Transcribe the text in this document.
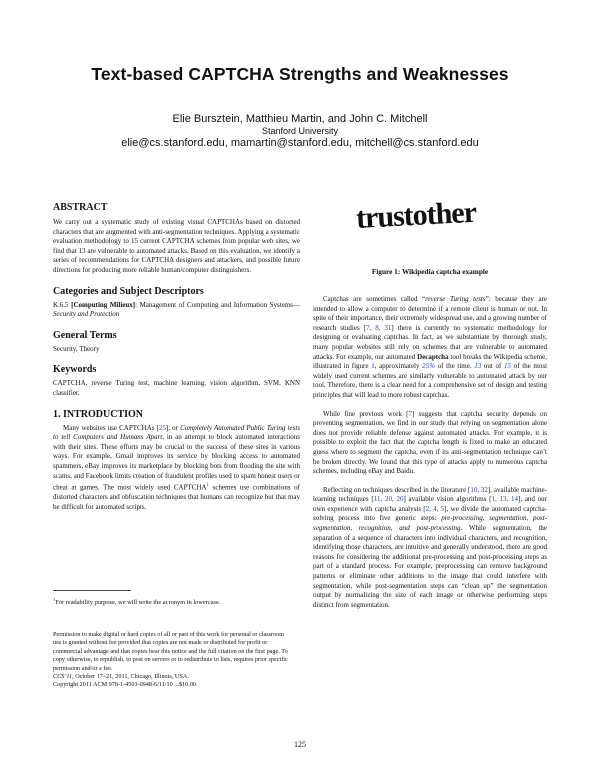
Text-based CAPTCHA Strengths and Weaknesses
Elie Bursztein, Matthieu Martin, and John C. Mitchell
Stanford University
elie@cs.stanford.edu, mamartin@stanford.edu, mitchell@cs.stanford.edu
ABSTRACT

We carry out a systematic study of existing visual CAPTCHAs based on distorted characters that are augmented with anti-segmentation techniques. Applying a systematic evaluation methodology to 15 current CAPTCHA schemes from popular web sites, we find that 13 are vulnerable to automated attacks. Based on this evaluation, we identify a series of recommendations for CAPTCHA designers and attackers, and possible future directions for producing more reliable human/computer distinguishers.

Categories and Subject Descriptors

K.6.5 [Computing Milieux]: Management of Computing and Information Systems—Security and Protection

General Terms

Security, Theory

Keywords

CAPTCHA, reverse Turing test, machine learning, vision algorithm, SVM, KNN classifier.

1. INTRODUCTION

Many websites use CAPTCHAs [25], or Completely Automated Public Turing tests to tell Computers and Humans Apart, in an attempt to block automated interactions with their sites. These efforts may be crucial to the success of these sites in various ways. For example, Gmail improves its service by blocking access to automated spammers, eBay improves its marketplace by blocking bots from flooding the site with scams, and Facebook limits creation of fraudulent profiles used to spam honest users or cheat at games. The most widely used CAPTCHA$^1$ schemes use combinations of distorted characters and obfuscation techniques that humans can recognize but that may be difficult for automated scripts.

$^1$For readability purpose, we will write the acronym in lowercase.

Permission to make digital or hard copies of all or part of this work for personal or classroom use is granted without fee provided that copies are not made or distributed for profit or commercial advantage and that copies bear this notice and the full citation on the first page. To copy otherwise, to republish, to post on servers or to redistribute to lists, requires prior specific permission and/or a fee.

CCS’11, October 17–21, 2011, Chicago, Illinois, USA.

Copyright 2011 ACM 978-1-4503-0948-6/11/10 ...$10.00.

trustother
Figure 1: Wikipedia captcha example

Captchas are sometimes called “reverse Turing tests”: because they are intended to allow a computer to determine if a remote client is human or not. In spite of their importance, their extremely widespread use, and a growing number of research studies [7, 8, 31] there is currently no systematic methodology for designing or evaluating captchas. In fact, as we substantiate by thorough study, many popular websites still rely on schemes that are vulnerable to automated attacks. For example, our automated Decaptcha tool breaks the Wikipedia scheme, illustrated in figure 1, approximately 25% of the time. 13 out of 15 of the most widely used current schemes are similarly vulnerable to automated attack by our tool. Therefore, there is a clear need for a comprehensive set of design and testing principles that will lead to more robust captchas.

While fine previous work [7] suggests that captcha security depends on preventing segmentation, we find in our study that relying on segmentation alone does not provide reliable defense against automated attacks. For example, it is possible to exploit the fact that the captcha length is fixed to make an educated guess where to segment the captcha, even if its anti-segmentation technique can’t be broken directly. We found that this type of attacks apply to numerous captcha schemes, including eBay and Baidu.

Reflecting on techniques described in the literature [10, 32], available machine-learning techniques [11, 20, 26] available vision algorithms [1, 13, 14], and our own experience with captcha analysis [2, 4, 5], we divide the automated captcha-solving process into five generic steps: pre-processing, segmentation, post-segmentation, recognition, and post-processing. While segmentation, the separation of a sequence of characters into individual characters, and recognition, identifying those characters, are intuitive and generally understood, there are good reasons for considering the additional pre-processing and post-processing steps as part of a standard process. For example, preprocessing can remove background patterns or eliminate other additions to the image that could interfere with segmentation, while post-segmentation steps can “clean up” the segmentation output by normalizing the size of each image or otherwise performing steps distinct from segmentation.

125
